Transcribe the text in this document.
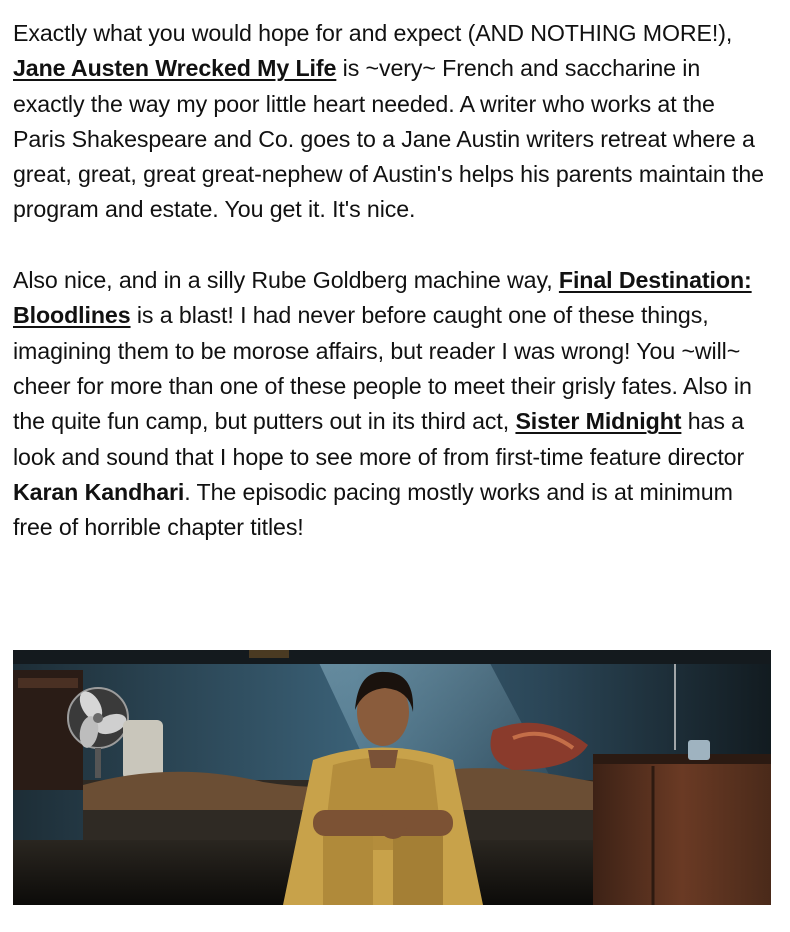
Exactly what you would hope for and expect (AND NOTHING MORE!), Jane Austen Wrecked My Life is ~very~ French and saccharine in exactly the way my poor little heart needed. A writer who works at the Paris Shakespeare and Co. goes to a Jane Austin writers retreat where a great, great, great great-nephew of Austin's helps his parents maintain the program and estate. You get it. It's nice.

Also nice, and in a silly Rube Goldberg machine way, Final Destination: Bloodlines is a blast! I had never before caught one of these things, imagining them to be morose affairs, but reader I was wrong! You ~will~ cheer for more than one of these people to meet their grisly fates. Also in the quite fun camp, but putters out in its third act, Sister Midnight has a look and sound that I hope to see more of from first-time feature director Karan Kandhari. The episodic pacing mostly works and is at minimum free of horrible chapter titles!
